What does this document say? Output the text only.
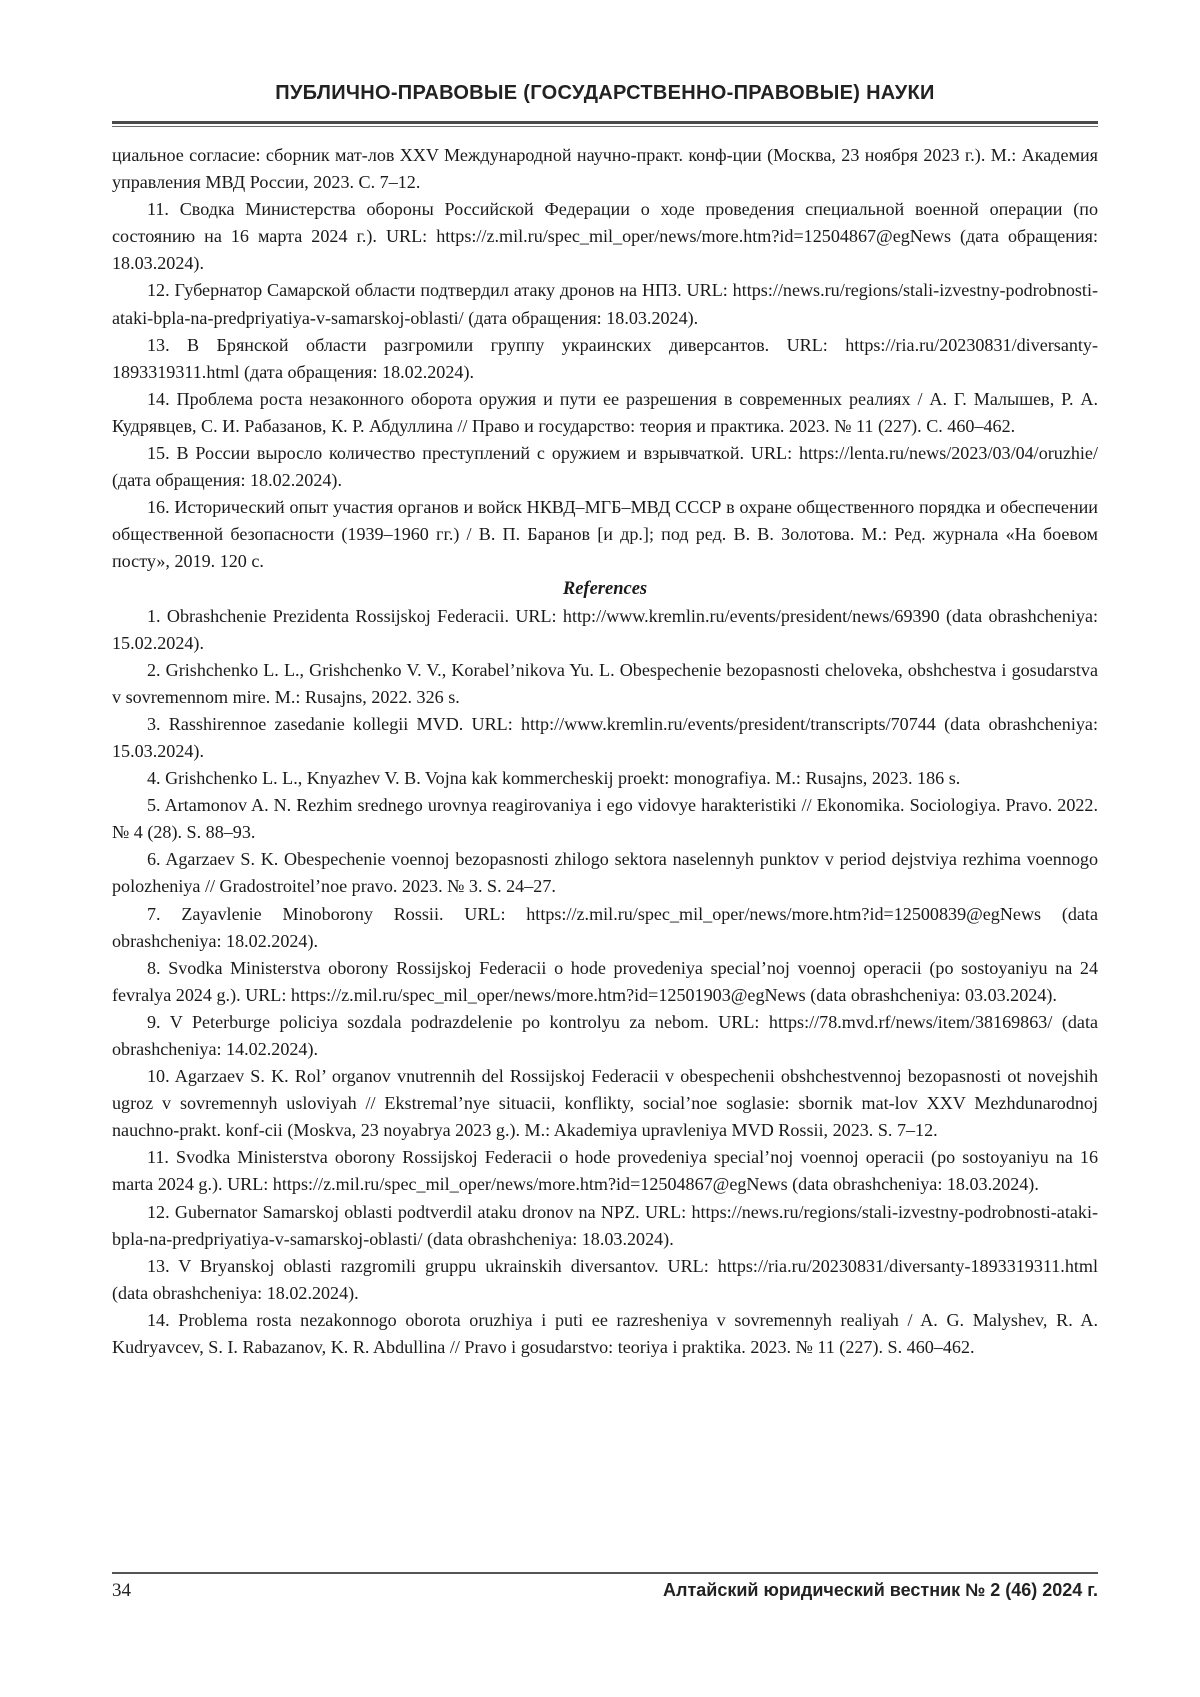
ПУБЛИЧНО-ПРАВОВЫЕ (ГОСУДАРСТВЕННО-ПРАВОВЫЕ) НАУКИ

циальное согласие: сборник мат-лов XXV Международной научно-практ. конф-ции (Москва, 23 ноября 2023 г.). М.: Академия управления МВД России, 2023. С. 7–12.

11. Сводка Министерства обороны Российской Федерации о ходе проведения специальной военной операции (по состоянию на 16 марта 2024 г.). URL: https://z.mil.ru/spec_mil_oper/news/more.htm?id=12504867@egNews (дата обращения: 18.03.2024).

12. Губернатор Самарской области подтвердил атаку дронов на НПЗ. URL: https://news.ru/regions/stali-izvestny-podrobnosti-ataki-bpla-na-predpriyatiya-v-samarskoj-oblasti/ (дата обращения: 18.03.2024).

13. В Брянской области разгромили группу украинских диверсантов. URL: https://ria.ru/20230831/diversanty-1893319311.html (дата обращения: 18.02.2024).

14. Проблема роста незаконного оборота оружия и пути ее разрешения в современных реалиях / А. Г. Малышев, Р. А. Кудрявцев, С. И. Рабазанов, К. Р. Абдуллина // Право и государство: теория и практика. 2023. № 11 (227). С. 460–462.

15. В России выросло количество преступлений с оружием и взрывчаткой. URL: https://lenta.ru/news/2023/03/04/oruzhie/ (дата обращения: 18.02.2024).

16. Исторический опыт участия органов и войск НКВД–МГБ–МВД СССР в охране общественного порядка и обеспечении общественной безопасности (1939–1960 гг.) / В. П. Баранов [и др.]; под ред. В. В. Золотова. М.: Ред. журнала «На боевом посту», 2019. 120 с.

References

1. Obrashchenie Prezidenta Rossijskoj Federacii. URL: http://www.kremlin.ru/events/president/news/69390 (data obrashcheniya: 15.02.2024).

2. Grishchenko L. L., Grishchenko V. V., Korabel’nikova Yu. L. Obespechenie bezopasnosti cheloveka, obshchestva i gosudarstva v sovremennom mire. M.: Rusajns, 2022. 326 s.

3. Rasshirennoe zasedanie kollegii MVD. URL: http://www.kremlin.ru/events/president/transcripts/70744 (data obrashcheniya: 15.03.2024).

4. Grishchenko L. L., Knyazhev V. B. Vojna kak kommercheskij proekt: monografiya. M.: Rusajns, 2023. 186 s.

5. Artamonov A. N. Rezhim srednego urovnya reagirovaniya i ego vidovye harakteristiki // Ekonomika. Sociologiya. Pravo. 2022. № 4 (28). S. 88–93.

6. Agarzaev S. K. Obespechenie voennoj bezopasnosti zhilogo sektora naselennyh punktov v period dejstviya rezhima voennogo polozheniya // Gradostroitel’noe pravo. 2023. № 3. S. 24–27.

7. Zayavlenie Minoborony Rossii. URL: https://z.mil.ru/spec_mil_oper/news/more.htm?id=12500839@egNews (data obrashcheniya: 18.02.2024).

8. Svodka Ministerstva oborony Rossijskoj Federacii o hode provedeniya special’noj voennoj operacii (po sostoyaniyu na 24 fevralya 2024 g.). URL: https://z.mil.ru/spec_mil_oper/news/more.htm?id=12501903@egNews (data obrashcheniya: 03.03.2024).

9. V Peterburge policiya sozdala podrazdelenie po kontrolyu za nebom. URL: https://78.mvd.rf/news/item/38169863/ (data obrashcheniya: 14.02.2024).

10. Agarzaev S. K. Rol’ organov vnutrennih del Rossijskoj Federacii v obespechenii obshchestvennoj bezopasnosti ot novejshih ugroz v sovremennyh usloviyah // Ekstremal’nye situacii, konflikty, social’noe soglasie: sbornik mat-lov XXV Mezhdunarodnoj nauchno-prakt. konf-cii (Moskva, 23 noyabrya 2023 g.). M.: Akademiya upravleniya MVD Rossii, 2023. S. 7–12.

11. Svodka Ministerstva oborony Rossijskoj Federacii o hode provedeniya special’noj voennoj operacii (po sostoyaniyu na 16 marta 2024 g.). URL: https://z.mil.ru/spec_mil_oper/news/more.htm?id=12504867@egNews (data obrashcheniya: 18.03.2024).

12. Gubernator Samarskoj oblasti podtverdil ataku dronov na NPZ. URL: https://news.ru/regions/stali-izvestny-podrobnosti-ataki-bpla-na-predpriyatiya-v-samarskoj-oblasti/ (data obrashcheniya: 18.03.2024).

13. V Bryanskoj oblasti razgromili gruppu ukrainskih diversantov. URL: https://ria.ru/20230831/diversanty-1893319311.html (data obrashcheniya: 18.02.2024).

14. Problema rosta nezakonnogo oborota oruzhiya i puti ee razresheniya v sovremennyh realiyah / A. G. Malyshev, R. A. Kudryavcev, S. I. Rabazanov, K. R. Abdullina // Pravo i gosudarstvo: teoriya i praktika. 2023. № 11 (227). S. 460–462.

34	Алтайский юридический вестник № 2 (46) 2024 г.
